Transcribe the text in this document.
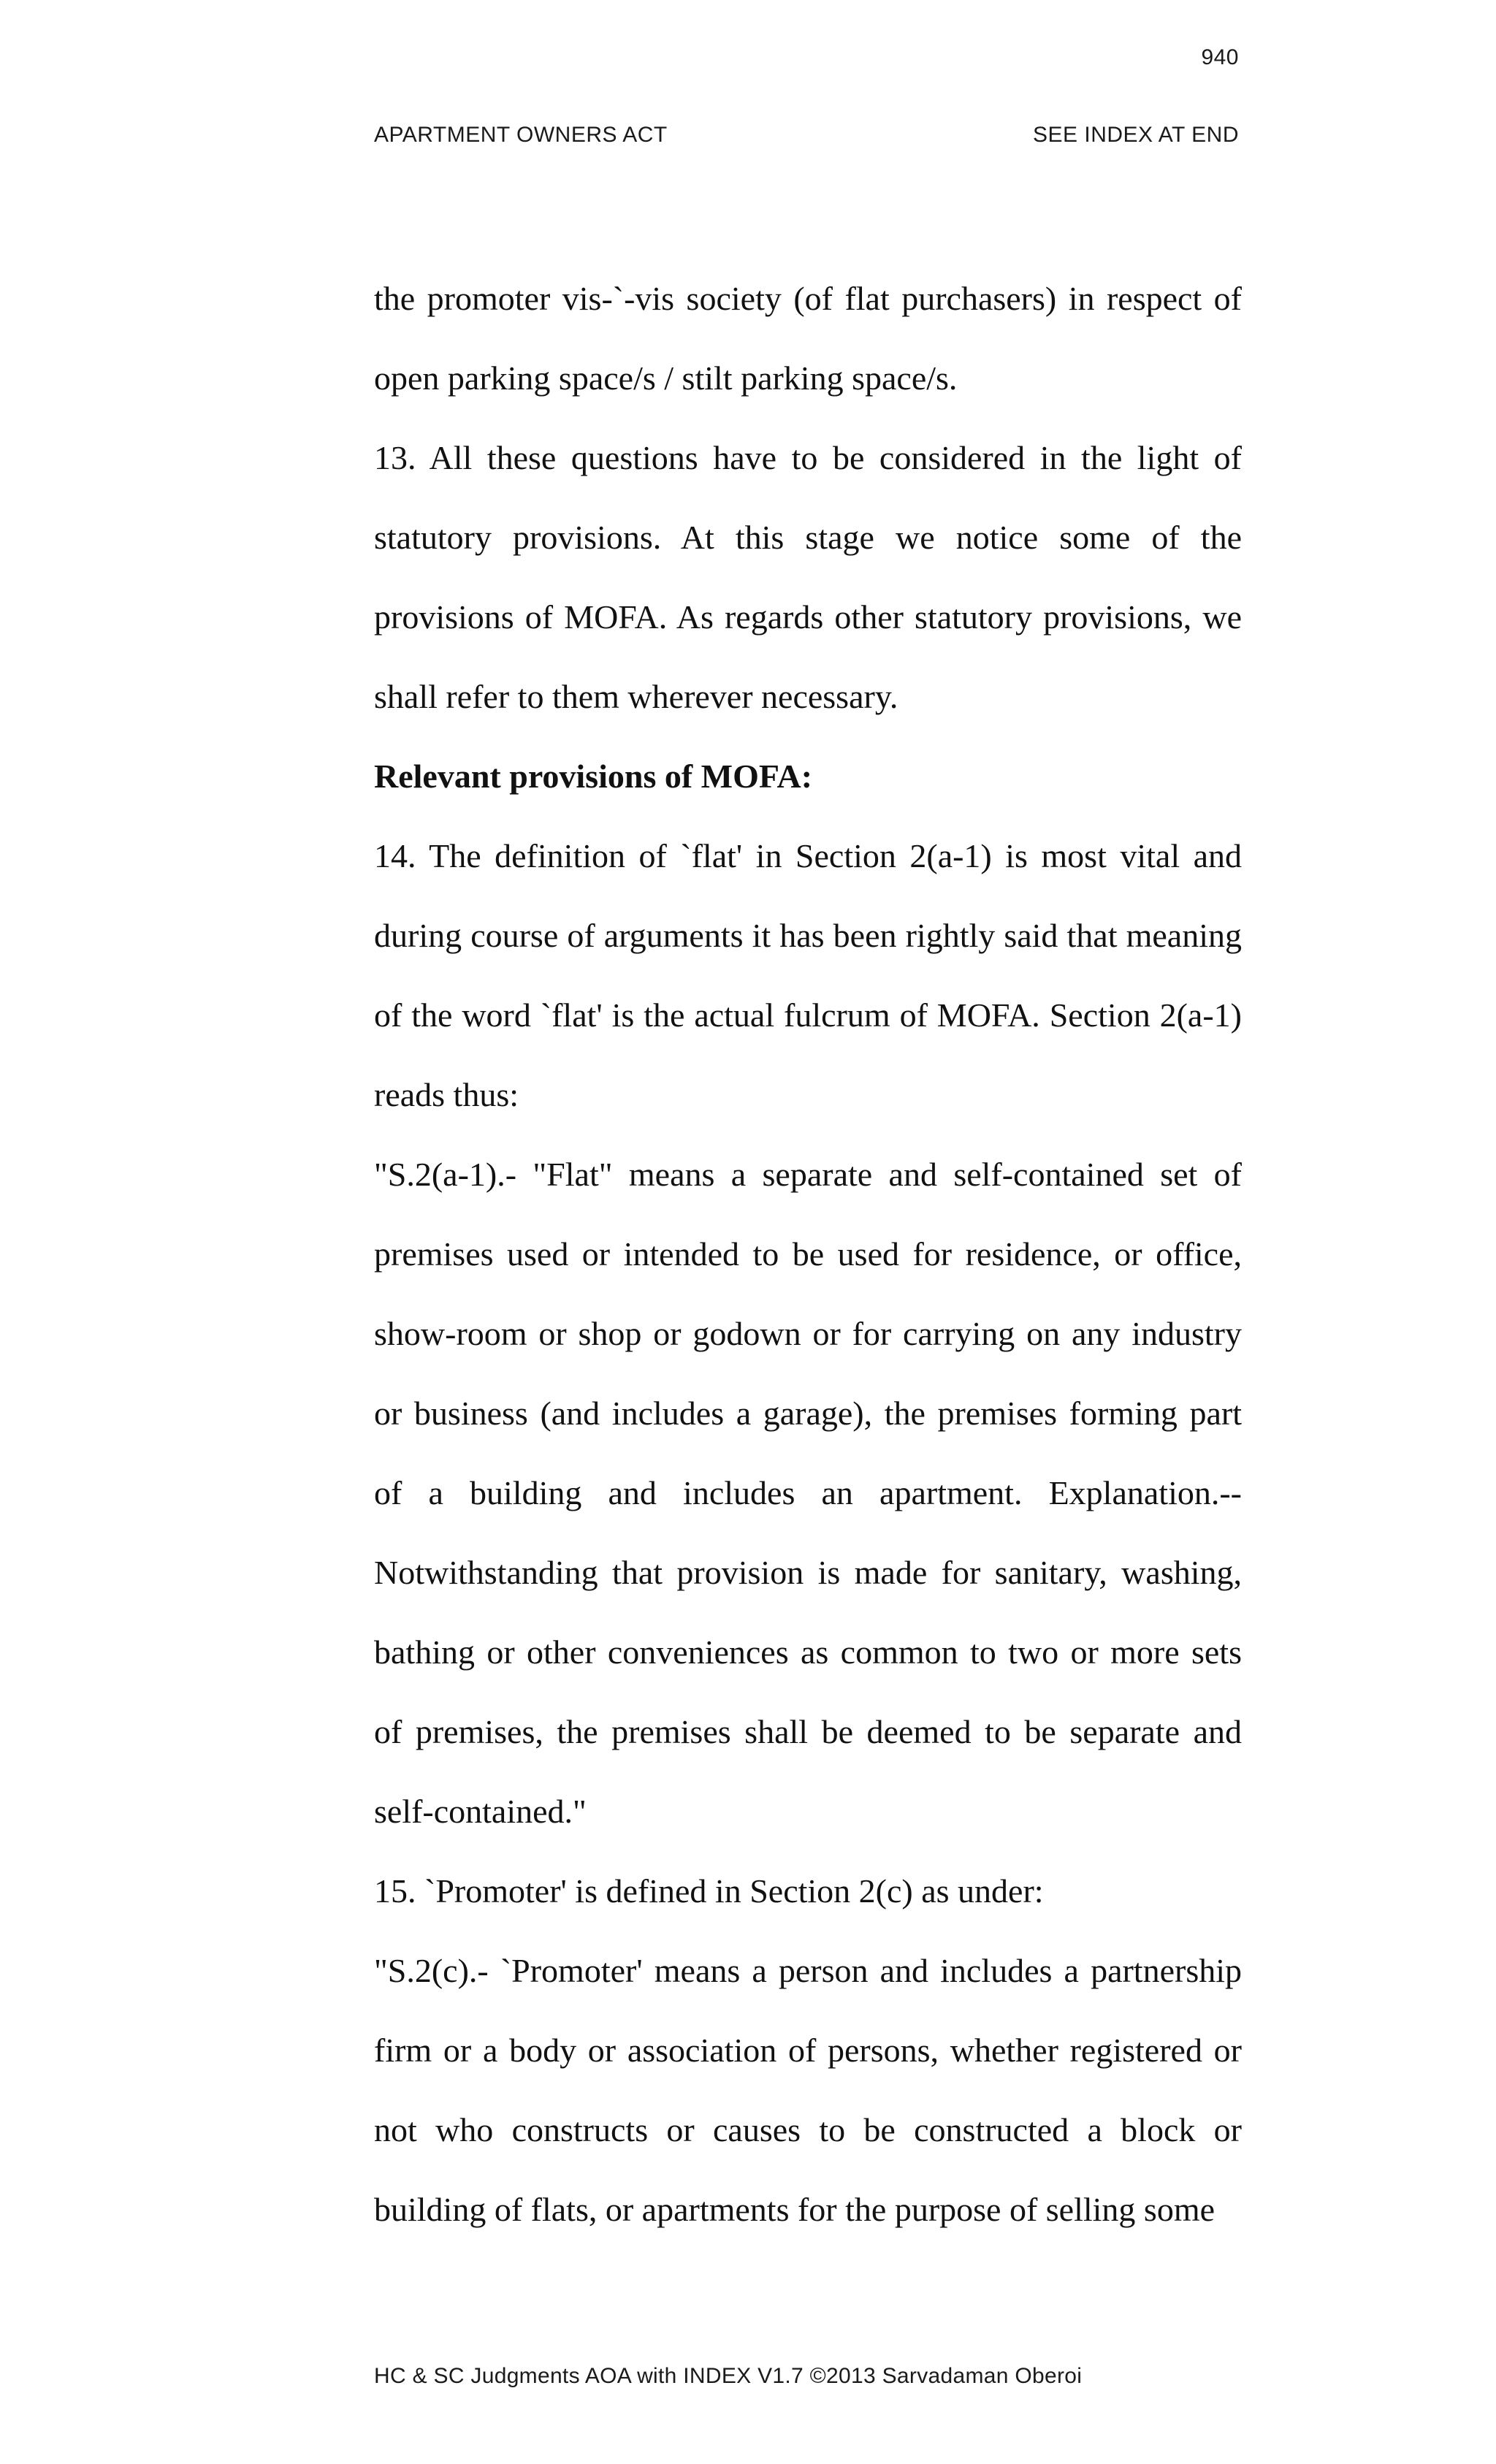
940
APARTMENT OWNERS ACT	SEE INDEX AT END

the promoter vis-`-vis society (of flat purchasers) in respect of open parking space/s / stilt parking space/s.

13. All these questions have to be considered in the light of statutory provisions. At this stage we notice some of the provisions of MOFA. As regards other statutory provisions, we shall refer to them wherever necessary.

Relevant provisions of MOFA:

14. The definition of `flat' in Section 2(a-1) is most vital and during course of arguments it has been rightly said that meaning of the word `flat' is the actual fulcrum of MOFA. Section 2(a-1) reads thus:

"S.2(a-1).- "Flat" means a separate and self-contained set of premises used or intended to be used for residence, or office, show-room or shop or godown or for carrying on any industry or business (and includes a garage), the premises forming part of a building and includes an apartment. Explanation.-- Notwithstanding that provision is made for sanitary, washing, bathing or other conveniences as common to two or more sets of premises, the premises shall be deemed to be separate and self-contained."

15. `Promoter' is defined in Section 2(c) as under:

"S.2(c).- `Promoter' means a person and includes a partnership firm or a body or association of persons, whether registered or not who constructs or causes to be constructed a block or building of flats, or apartments for the purpose of selling some

HC & SC Judgments AOA with INDEX V1.7 ©2013 Sarvadaman Oberoi
